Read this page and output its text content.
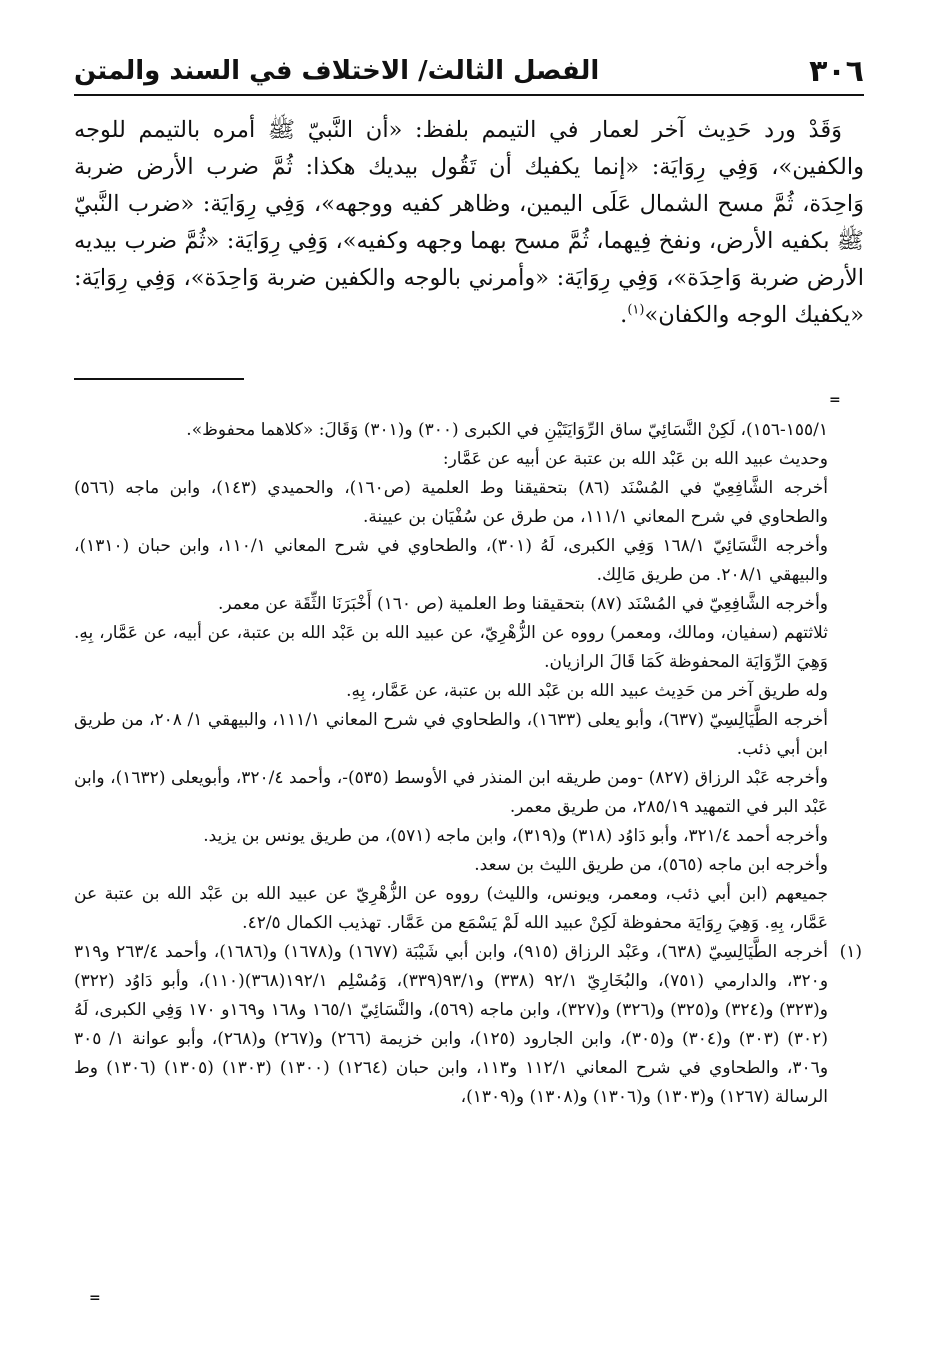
٣٠٦
الفصل الثالث/ الاختلاف في السند والمتن

وَقَدْ ورد حَدِيث آخر لعمار في التيمم بلفظ: «أن النَّبيّ ﷺ أمره بالتيمم للوجه والكفين»، وَفِي رِوَايَة: «إنما يكفيك أن تَقُول بيديك هكذا: ثُمَّ ضرب الأرض ضربة وَاحِدَة، ثُمَّ مسح الشمال عَلَى اليمين، وظاهر كفيه ووجهه»، وَفِي رِوَايَة: «ضرب النَّبيّ ﷺ بكفيه الأرض، ونفخ فِيهما، ثُمَّ مسح بهما وجهه وكفيه»، وَفِي رِوَايَة: «ثُمَّ ضرب بيديه الأرض ضربة وَاحِدَة»، وَفِي رِوَايَة: «وأمرني بالوجه والكفين ضربة وَاحِدَة»، وَفِي رِوَايَة: «يكفيك الوجه والكفان»$^{(١)}$.

=

١٥٥/١-١٥٦)، لَكِنْ النَّسَائِيّ ساق الرِّوَايَتَيْنِ في الكبرى (٣٠٠) و(٣٠١) وَقَالَ: «كلاهما محفوظ».

وحديث عبيد الله بن عَبْد الله بن عتبة عن أبيه عن عَمَّار:

أخرجه الشَّافِعِيّ في المُسْنَد (٨٦) بتحقيقنا وط العلمية (ص١٦٠)، والحميدي (١٤٣)، وابن ماجه (٥٦٦) والطحاوي في شرح المعاني ١١١/١، من طرق عن سُفْيَان بن عيينة.

وأخرجه النَّسَائِيّ ١٦٨/١ وَفِي الكبرى، لَهُ (٣٠١)، والطحاوي في شرح المعاني ١١٠/١، وابن حبان (١٣١٠)، والبيهقي ٢٠٨/١. من طريق مَالِك.

وأخرجه الشَّافِعِيّ في المُسْنَد (٨٧) بتحقيقنا وط العلمية (ص ١٦٠) أَخْبَرَنَا الثِّقَة عن معمر.

ثلاثتهم (سفيان، ومالك، ومعمر) رووه عن الزُّهْرِيّ، عن عبيد الله بن عَبْد الله بن عتبة، عن أبيه، عن عَمَّار، بِهِ. وَهِيَ الرِّوَايَة المحفوظة كَمَا قَالَ الرازيان.

وله طريق آخر من حَدِيث عبيد الله بن عَبْد الله بن عتبة، عن عَمَّار، بِهِ.

أخرجه الطَّيَالِسِيّ (٦٣٧)، وأبو يعلى (١٦٣٣)، والطحاوي في شرح المعاني ١١١/١، والبيهقي ١/ ٢٠٨، من طريق ابن أبي ذئب.

وأخرجه عَبْد الرزاق (٨٢٧) -ومن طريقه ابن المنذر في الأوسط (٥٣٥)-، وأحمد ٣٢٠/٤، وأبويعلى (١٦٣٢)، وابن عَبْد البر في التمهيد ٢٨٥/١٩، من طريق معمر.

وأخرجه أحمد ٣٢١/٤، وأبو دَاوُد (٣١٨) و(٣١٩)، وابن ماجه (٥٧١)، من طريق يونس بن يزيد.

وأخرجه ابن ماجه (٥٦٥)، من طريق الليث بن سعد.

جميعهم (ابن أبي ذئب، ومعمر، ويونس، والليث) رووه عن الزُّهْرِيّ عن عبيد الله بن عَبْد الله بن عتبة عن عَمَّار، بِهِ. وَهِيَ رِوَايَة محفوظة لَكِنْ عبيد الله لَمْ يَسْمَع من عَمَّار. تهذيب الكمال ٤٢/٥.

(١)

أخرجه الطَّيَالِسِيّ (٦٣٨)، وعَبْد الرزاق (٩١٥)، وابن أبي شَيْبَة (١٦٧٧) و(١٦٧٨) و(١٦٨٦)، وأحمد ٢٦٣/٤ و٣١٩ و٣٢٠، والدارمي (٧٥١)، والبُخَارِيّ ٩٢/١ (٣٣٨) و٩٣/١(٣٣٩)، وَمُسْلِم ١٩٢/١(٣٦٨)(١١٠)، وأبو دَاوُد (٣٢٢) و(٣٢٣) و(٣٢٤) و(٣٢٥) و(٣٢٦) و(٣٢٧)، وابن ماجه (٥٦٩)، والنَّسَائِيّ ١٦٥/١ و١٦٨ و١٦٩و ١٧٠ وَفِي الكبرى، لَهُ (٣٠٢) (٣٠٣) و(٣٠٤) و(٣٠٥)، وابن الجارود (١٢٥)، وابن خزيمة (٢٦٦) و(٢٦٧) و(٢٦٨)، وأبو عوانة ١/ ٣٠٥ و٣٠٦، والطحاوي في شرح المعاني ١١٢/١ و١١٣، وابن حبان (١٢٦٤) (١٣٠٠) (١٣٠٣) (١٣٠٥) (١٣٠٦) وط الرسالة (١٢٦٧) و(١٣٠٣) و(١٣٠٦) و(١٣٠٨) و(١٣٠٩)،

=
